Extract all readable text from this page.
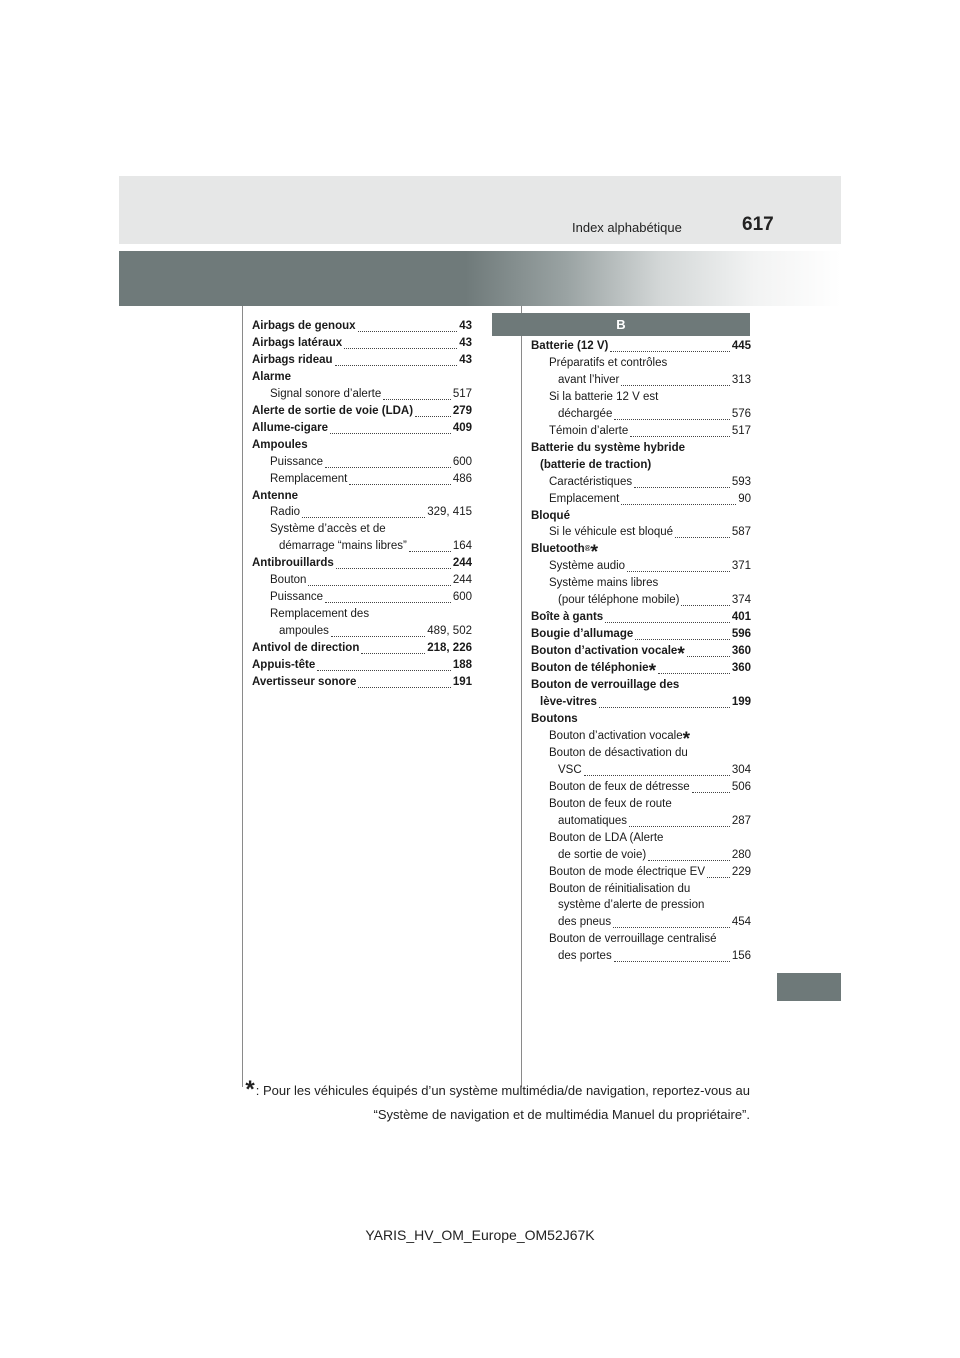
Index alphabétique	617
Airbags de genoux	43
Airbags latéraux	43
Airbags rideau	43
Alarme
Signal sonore d’alerte	517
Alerte de sortie de voie (LDA)	279
Allume-cigare	409
Ampoules
Puissance	600
Remplacement	486
Antenne
Radio	329, 415
Système d’accès et de
démarrage “mains libres”	164
Antibrouillards	244
Bouton	244
Puissance	600
Remplacement des
ampoules	489, 502
Antivol de direction	218, 226
Appuis-tête	188
Avertisseur sonore	191
B
Batterie (12 V)	445
Préparatifs et contrôles
avant l’hiver	313
Si la batterie 12 V est
déchargée	576
Témoin d’alerte	517
Batterie du système hybride
(batterie de traction)
Caractéristiques	593
Emplacement	90
Bloqué
Si le véhicule est bloqué	587
Bluetooth ® *
Système audio	371
Système mains libres
(pour téléphone mobile)	374
Boîte à gants	401
Bougie d’allumage	596
Bouton d’activation vocale *	360
Bouton de téléphonie *	360
Bouton de verrouillage des
lève-vitres	199
Boutons
Bouton d’activation vocale *
Bouton de désactivation du
VSC	304
Bouton de feux de détresse	506
Bouton de feux de route
automatiques	287
Bouton de LDA (Alerte
de sortie de voie)	280
Bouton de mode électrique EV 229
Bouton de réinitialisation du
système d’alerte de pression
des pneus	454
Bouton de verrouillage centralisé
des portes	156
*: Pour les véhicules équipés d’un système multimédia/de navigation, reportez-vous au
“Système de navigation et de multimédia Manuel du propriétaire”.
YARIS_HV_OM_Europe_OM52J67K
